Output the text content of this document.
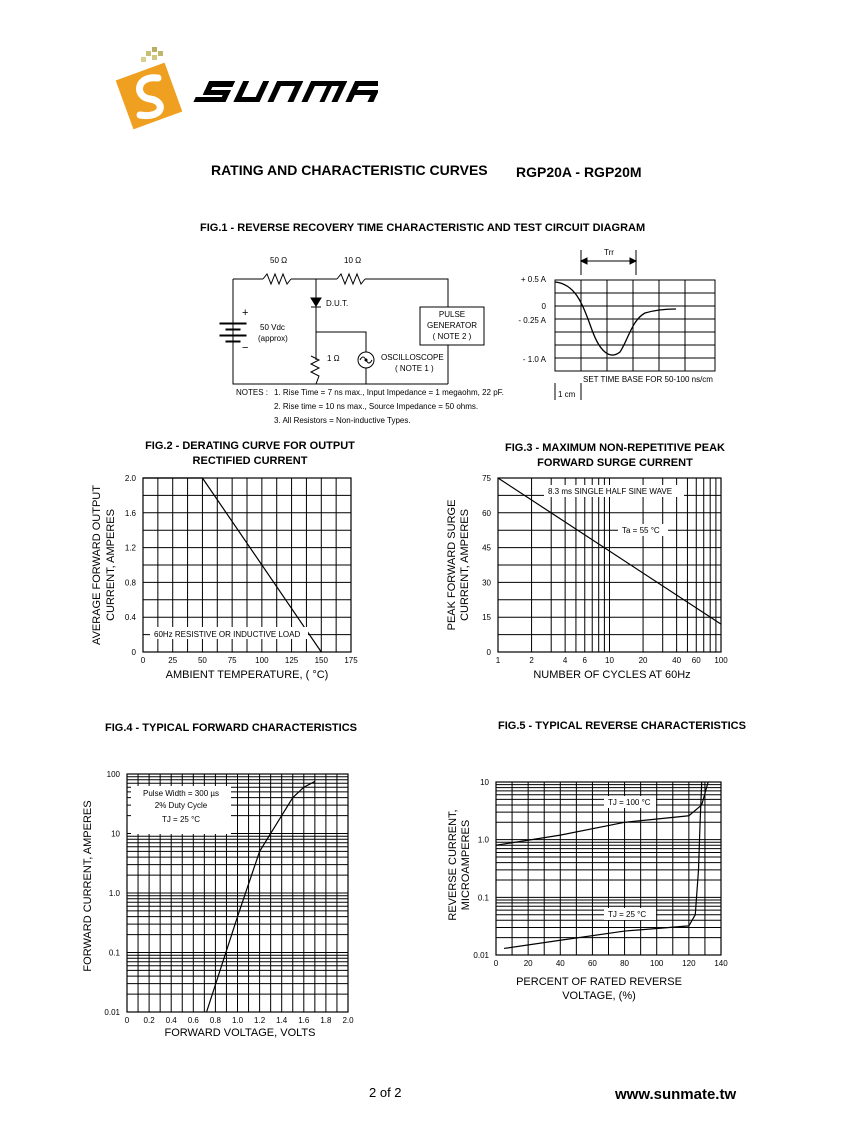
RATING AND CHARACTERISTIC CURVES RGP20A - RGP20M
FIG.1 - REVERSE RECOVERY TIME CHARACTERISTIC AND TEST CIRCUIT DIAGRAM
50 Ω	10 Ω
1 Ω
D.U.T.
+
−
50 Vdc
(approx)
PULSE
GENERATOR
( NOTE 2 )
OSCILLOSCOPE
( NOTE 1 )
NOTES : 1. Rise Time = 7 ns max., Input Impedance = 1 megaohm, 22 pF.
2. Rise time = 10 ns max., Source Impedance = 50 ohms.
3. All Resistors = Non-inductive Types.
Trr
+ 0.5 A
0
- 0.25 A
- 1.0 A
SET TIME BASE FOR 50-100 ns/cm
1 cm
FIG.2 - DERATING CURVE FOR OUTPUT
RECTIFIED CURRENT
0	25	50	75 100 125 150 175
0
0.4
0.8
1.2
1.6
2.0
60Hz RESISTIVE OR INDUCTIVE LOAD
AMBIENT TEMPERATURE, ( °C)
AVERAGE FORWARD OUTPUT CURRENT, AMPERES
FIG.3 - MAXIMUM NON-REPETITIVE PEAK
FORWARD SURGE CURRENT
1	2	4 6 10	20	40 60 100
0
15
30
45
60
75
8.3 ms SINGLE HALF SINE WAVE
Ta = 55 °C
NUMBER OF CYCLES AT 60Hz
PEAK FORWARD SURGE CURRENT, AMPERES
FIG.4 - TYPICAL FORWARD CHARACTERISTICS
0 0.2 0.4 0.6 0.8 1.0 1.2 1.4 1.6 1.8 2.0
0.01
0.1
1.0
10
100
Pulse Width = 300 µs
2% Duty Cycle
TJ = 25 °C
FORWARD VOLTAGE, VOLTS
FORWARD CURRENT, AMPERES
FIG.5 - TYPICAL REVERSE CHARACTERISTICS
0	20	40	60	80	100 120 140
0.01
0.1
1.0
10
TJ = 100 °C
TJ = 25 °C
PERCENT OF RATED REVERSE
VOLTAGE, (%)
REVERSE CURRENT, MICROAMPERES
2 of 2	www.sunmate.tw
